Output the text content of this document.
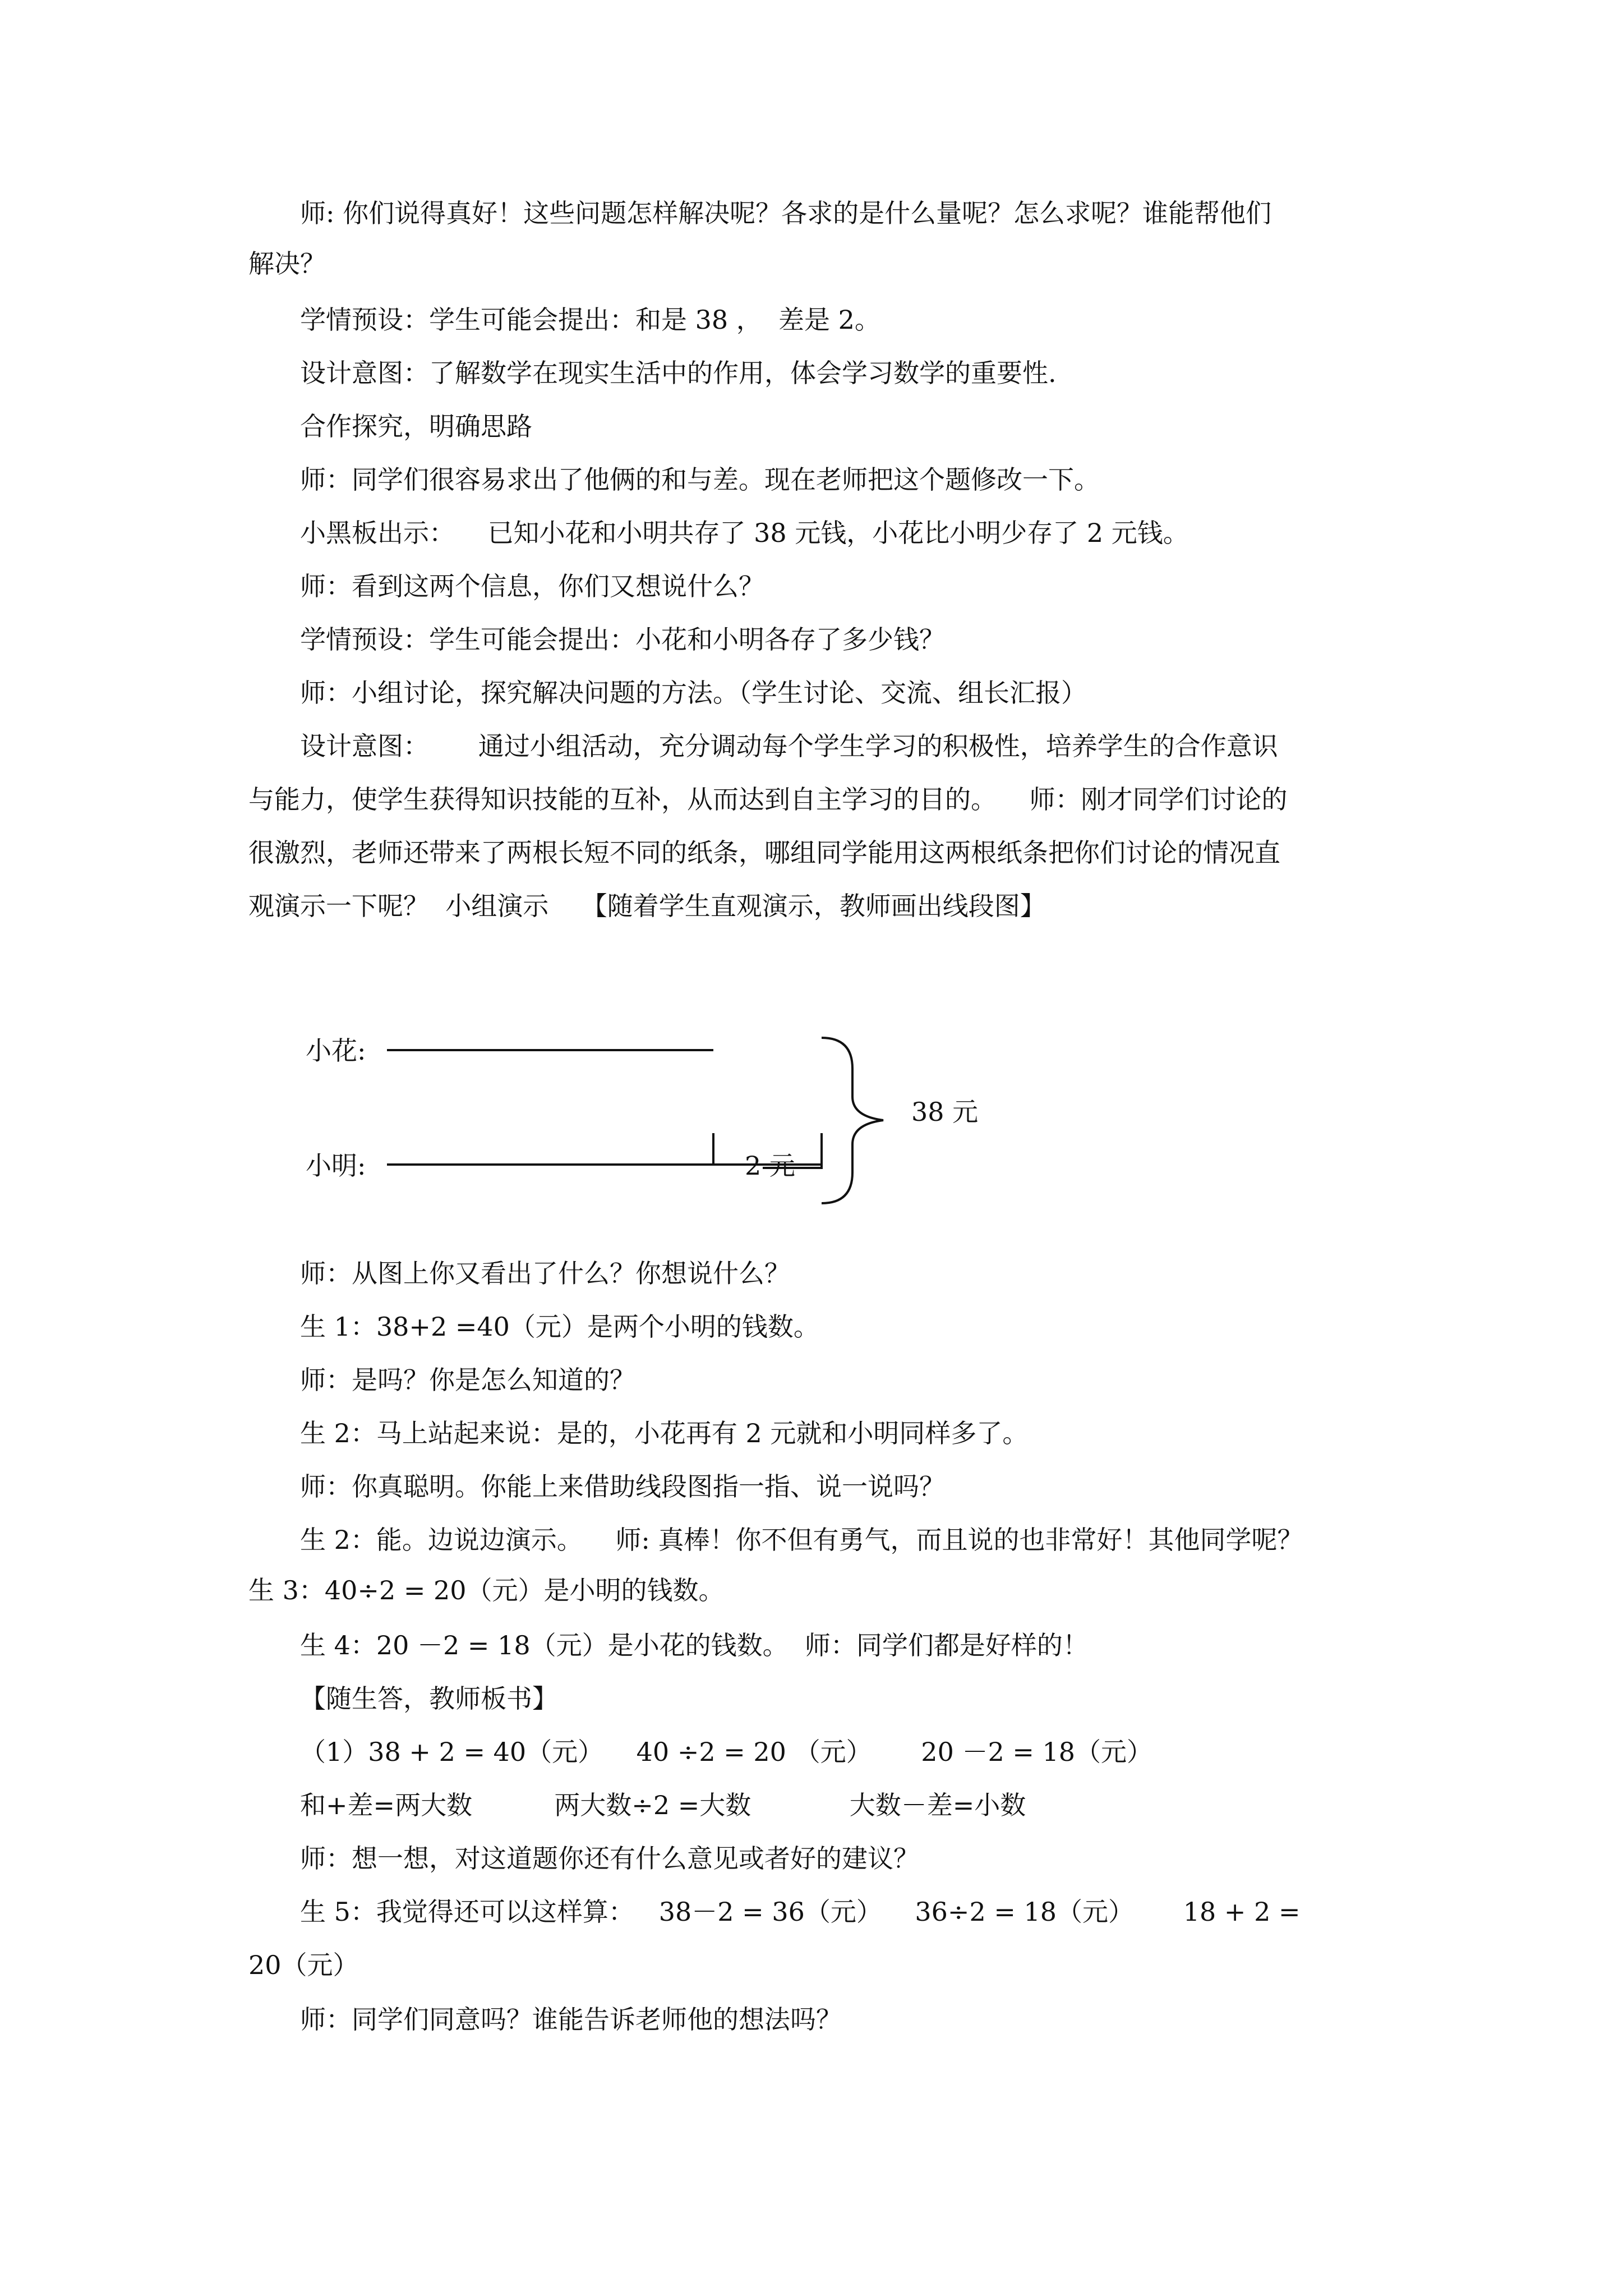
师: 你们说得真好！这些问题怎样解决呢？各求的是什么量呢？怎么求呢？谁能帮他们
解决？
学情预设：学生可能会提出：和是 38 ，  差是 2。
设计意图：了解数学在现实生活中的作用，体会学习数学的重要性.
合作探究，明确思路
师：同学们很容易求出了他俩的和与差。现在老师把这个题修改一下。
小黑板出示：    已知小花和小明共存了 38 元钱，小花比小明少存了 2 元钱。
师：看到这两个信息，你们又想说什么？
学情预设：学生可能会提出：小花和小明各存了多少钱？
师：小组讨论，探究解决问题的方法。（学生讨论、交流、组长汇报）
设计意图：      通过小组活动，充分调动每个学生学习的积极性，培养学生的合作意识
与能力，使学生获得知识技能的互补，从而达到自主学习的目的。    师：刚才同学们讨论的
很激烈，老师还带来了两根长短不同的纸条，哪组同学能用这两根纸条把你们讨论的情况直
观演示一下呢？  小组演示    【随着学生直观演示，教师画出线段图】
小花:
小明:
38 元
2 元
师：从图上你又看出了什么？你想说什么？
生 1：38+2 =40（元）是两个小明的钱数。
师：是吗？你是怎么知道的？
生 2：马上站起来说：是的，小花再有 2 元就和小明同样多了。
师：你真聪明。你能上来借助线段图指一指、说一说吗？
生 2：能。边说边演示。    师: 真棒！你不但有勇气，而且说的也非常好！其他同学呢？
生 3：40÷2 = 20（元）是小明的钱数。
生 4：20 －2 = 18（元）是小花的钱数。  师：同学们都是好样的！
【随生答，教师板书】
（1）38 + 2 = 40（元）    40 ÷2 = 20 （元）      20 －2 = 18（元）
和+差=两大数          两大数÷2 =大数            大数－差=小数
师：想一想，对这道题你还有什么意见或者好的建议？
生 5：我觉得还可以这样算：   38－2 = 36（元）    36÷2 = 18（元）      18 + 2 =
20（元）
师：同学们同意吗？谁能告诉老师他的想法吗？
